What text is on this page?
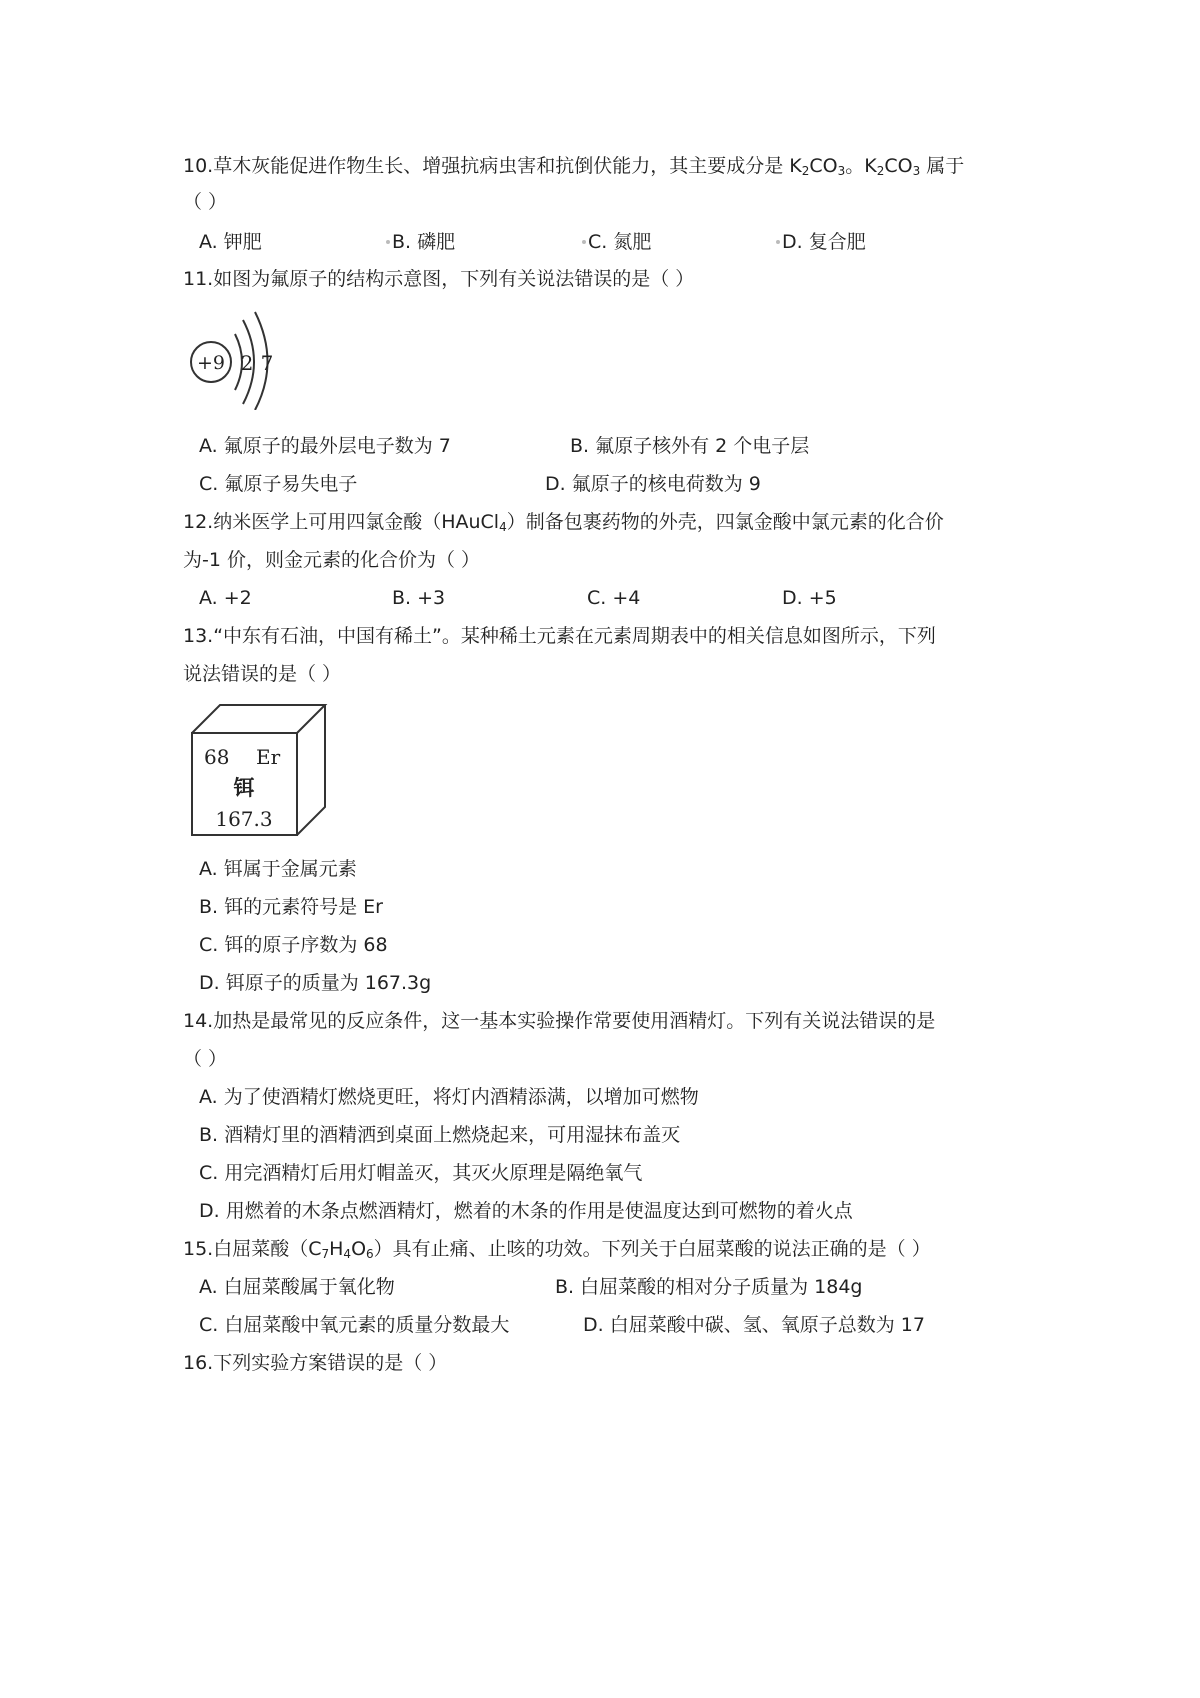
10.草木灰能促进作物生长、增强抗病虫害和抗倒伏能力，其主要成分是 $K_2CO_3$。$K_2CO_3$ 属于
（ ）
A. 钾肥	B. 磷肥	C. 氮肥	D. 复合肥
11.如图为氟原子的结构示意图，下列有关说法错误的是（ ）
+9 2 7
A. 氟原子的最外层电子数为 7	B. 氟原子核外有 2 个电子层
C. 氟原子易失电子	D. 氟原子的核电荷数为 9
12.纳米医学上可用四氯金酸（HAuCl$_4$）制备包裹药物的外壳，四氯金酸中氯元素的化合价
为-1 价，则金元素的化合价为（ ）
A. +2	B. +3	C. +4	D. +5
13.“中东有石油，中国有稀土”。某种稀土元素在元素周期表中的相关信息如图所示，下列
说法错误的是（ ）
68 Er
铒
167.3
A. 铒属于金属元素
B. 铒的元素符号是 Er
C. 铒的原子序数为 68
D. 铒原子的质量为 167.3g
14.加热是最常见的反应条件，这一基本实验操作常要使用酒精灯。下列有关说法错误的是
（ ）
A. 为了使酒精灯燃烧更旺，将灯内酒精添满，以增加可燃物
B. 酒精灯里的酒精洒到桌面上燃烧起来，可用湿抹布盖灭
C. 用完酒精灯后用灯帽盖灭，其灭火原理是隔绝氧气
D. 用燃着的木条点燃酒精灯，燃着的木条的作用是使温度达到可燃物的着火点
15.白屈菜酸$(C_7H_4O_6)$具有止痛、止咳的功效。下列关于白屈菜酸的说法正确的是（ ）
A. 白屈菜酸属于氧化物	B. 白屈菜酸的相对分子质量为 184g
C. 白屈菜酸中氧元素的质量分数最大	D. 白屈菜酸中碳、氢、氧原子总数为 17
16.下列实验方案错误的是（ ）
